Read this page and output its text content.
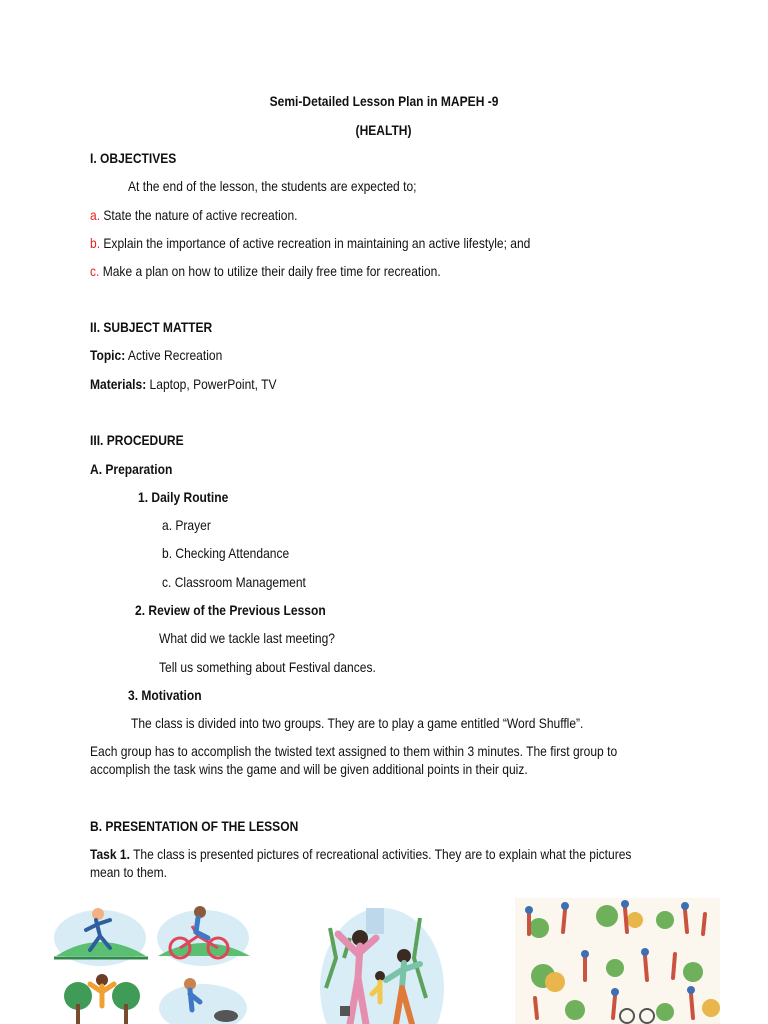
Semi-Detailed Lesson Plan in MAPEH -9
(HEALTH)
I. OBJECTIVES
At the end of the lesson, the students are expected to;
a. State the nature of active recreation.
b. Explain the importance of active recreation in maintaining an active lifestyle; and
c. Make a plan on how to utilize their daily free time for recreation.
II. SUBJECT MATTER
Topic: Active Recreation
Materials: Laptop, PowerPoint, TV
III. PROCEDURE
A. Preparation
1. Daily Routine
a. Prayer
b. Checking Attendance
c. Classroom Management
2. Review of the Previous Lesson
What did we tackle last meeting?
Tell us something about Festival dances.
3. Motivation
The class is divided into two groups. They are to play a game entitled “Word Shuffle”.
Each group has to accomplish the twisted text assigned to them within 3 minutes. The first group to accomplish the task wins the game and will be given additional points in their quiz.
B. PRESENTATION OF THE LESSON
Task 1. The class is presented pictures of recreational activities. They are to explain what the pictures mean to them.
